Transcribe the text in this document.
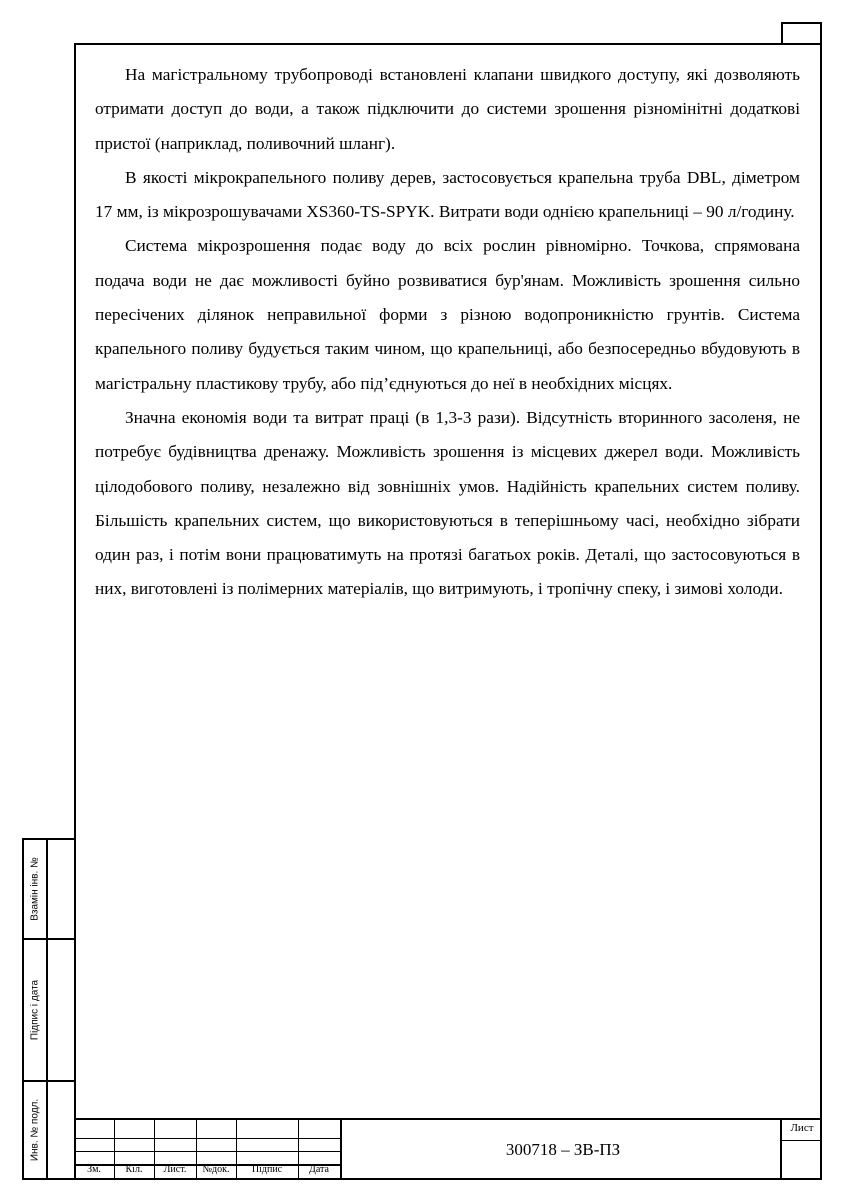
На магістральному трубопроводі встановлені клапани швидкого доступу, які дозволяють отримати доступ до води, а також підключити до системи зрошення різномінітні додаткові пристої (наприклад, поливочний шланг).

В якості мікрокрапельного поливу дерев, застосовується крапельна труба DBL, діметром 17 мм, із мікрозрошувачами XS360-TS-SPYK. Витрати води однією крапельниці – 90 л/годину.

Система мікрозрошення подає воду до всіх рослин рівномірно. Точкова, спрямована подача води не дає можливості буйно розвиватися бур'янам. Можливість зрошення сильно пересічених ділянок неправильної форми з різною водопроникністю грунтів. Система крапельного поливу будується таким чином, що крапельниці, або безпосередньо вбудовують в магістральну пластикову трубу, або під’єднуються до неї в необхідних місцях.

Значна економія води та витрат праці (в 1,3-3 рази). Відсутність вторинного засоленя, не потребує будівництва дренажу. Можливість зрошення із місцевих джерел води. Можливість цілодобового поливу, незалежно від зовнішніх умов. Надійність крапельних систем поливу. Більшість крапельних систем, що використовуються в теперішньому часі, необхідно зібрати один раз, і потім вони працюватимуть на протязі багатьох років. Деталі, що застосовуються в них, виготовлені із полімерних матеріалів, що витримують, і тропічну спеку, і зимові холоди.

Взамін інв. №
Підпис і дата
Инв. № подл.
Зм.	Кіл.	Лист.	№док.	Підпис	Дата
300718 – ЗВ-ПЗ
Лист
